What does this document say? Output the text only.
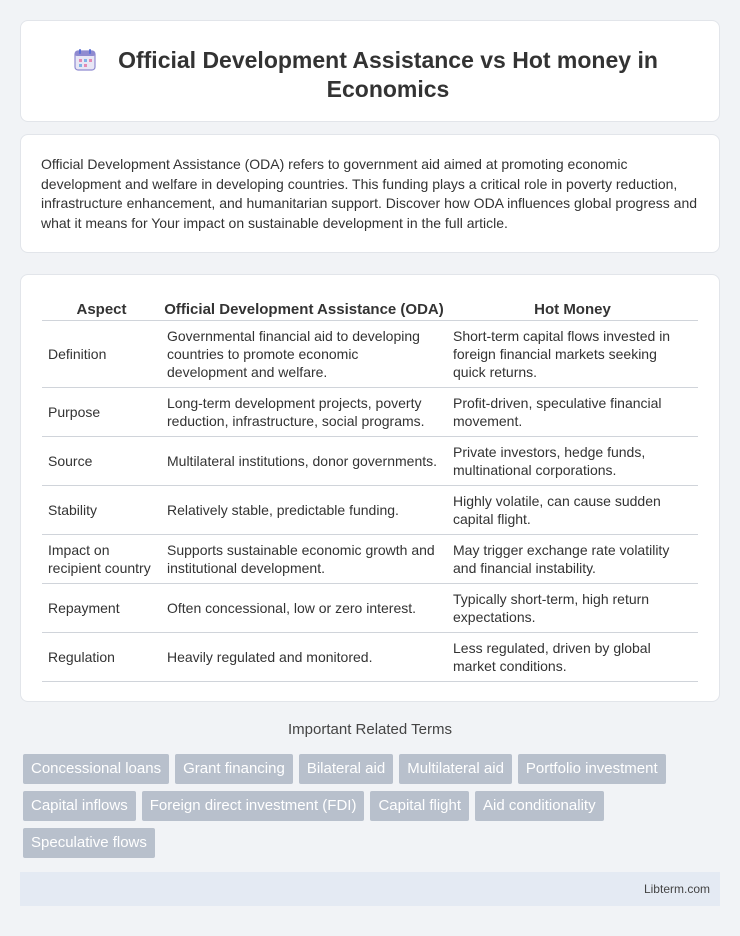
Official Development Assistance vs Hot money in Economics

Official Development Assistance (ODA) refers to government aid aimed at promoting economic development and welfare in developing countries. This funding plays a critical role in poverty reduction, infrastructure enhancement, and humanitarian support. Discover how ODA influences global progress and what it means for Your impact on sustainable development in the full article.

Aspect	Official Development Assistance (ODA)	Hot Money
Definition	Governmental financial aid to developing countries to promote economic development and welfare.	Short-term capital flows invested in foreign financial markets seeking quick returns.
Purpose	Long-term development projects, poverty reduction, infrastructure, social programs.	Profit-driven, speculative financial movement.
Source	Multilateral institutions, donor governments.	Private investors, hedge funds, multinational corporations.
Stability	Relatively stable, predictable funding.	Highly volatile, can cause sudden capital flight.
Impact on recipient country	Supports sustainable economic growth and institutional development.	May trigger exchange rate volatility and financial instability.
Repayment	Often concessional, low or zero interest.	Typically short-term, high return expectations.
Regulation	Heavily regulated and monitored.	Less regulated, driven by global market conditions.
Important Related Terms
Concessional loans	Grant financing	Bilateral aid	Multilateral aid	Portfolio investment
Capital inflows	Foreign direct investment (FDI)	Capital flight	Aid conditionality
Speculative flows
Libterm.com
